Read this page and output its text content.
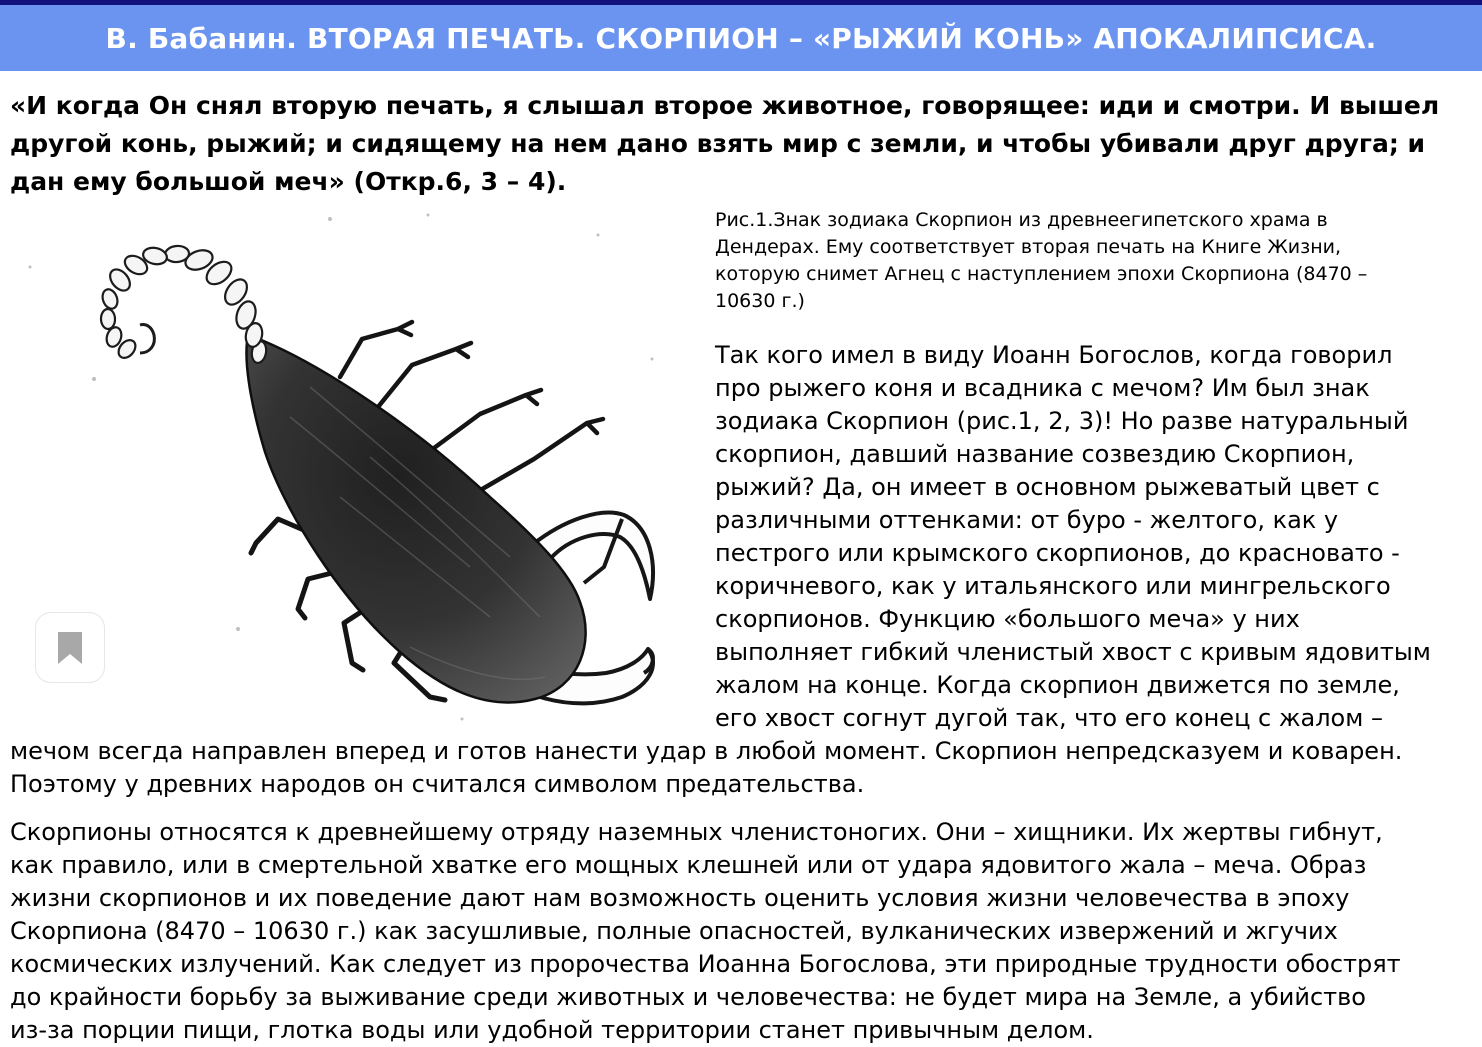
В. Бабанин. ВТОРАЯ ПЕЧАТЬ. СКОРПИОН – «РЫЖИЙ КОНЬ» АПОКАЛИПСИСА.
«И когда Он снял вторую печать, я слышал второе животное, говорящее: иди и смотри. И вышел
другой конь, рыжий; и сидящему на нем дано взять мир с земли, и чтобы убивали друг друга; и
дан ему большой меч» (Откр.6, 3 – 4).

Рис.1.Знак зодиака Скорпион из древнеегипетского храма в
Дендерах. Ему соответствует вторая печать на Книге Жизни,
которую снимет Агнец с наступлением эпохи Скорпиона (8470 –
10630 г.)

Так кого имел в виду Иоанн Богослов, когда говорил
про рыжего коня и всадника с мечом? Им был знак
зодиака Скорпион (рис.1, 2, 3)! Но разве натуральный
скорпион, давший название созвездию Скорпион,
рыжий? Да, он имеет в основном рыжеватый цвет с
различными оттенками: от буро - желтого, как у
пестрого или крымского скорпионов, до красновато -
коричневого, как у итальянского или мингрельского
скорпионов. Функцию «большого меча» у них
выполняет гибкий членистый хвост с кривым ядовитым
жалом на конце. Когда скорпион движется по земле,
его хвост согнут дугой так, что его конец с жалом –
мечом всегда направлен вперед и готов нанести удар в любой момент. Скорпион непредсказуем и коварен.
Поэтому у древних народов он считался символом предательства.

Скорпионы относятся к древнейшему отряду наземных членистоногих. Они – хищники. Их жертвы гибнут,
как правило, или в смертельной хватке его мощных клешней или от удара ядовитого жала – меча. Образ
жизни скорпионов и их поведение дают нам возможность оценить условия жизни человечества в эпоху
Скорпиона (8470 – 10630 г.) как засушливые, полные опасностей, вулканических извержений и жгучих
космических излучений. Как следует из пророчества Иоанна Богослова, эти природные трудности обострят
до крайности борьбу за выживание среди животных и человечества: не будет мира на Земле, а убийство
из-за порции пищи, глотка воды или удобной территории станет привычным делом.
